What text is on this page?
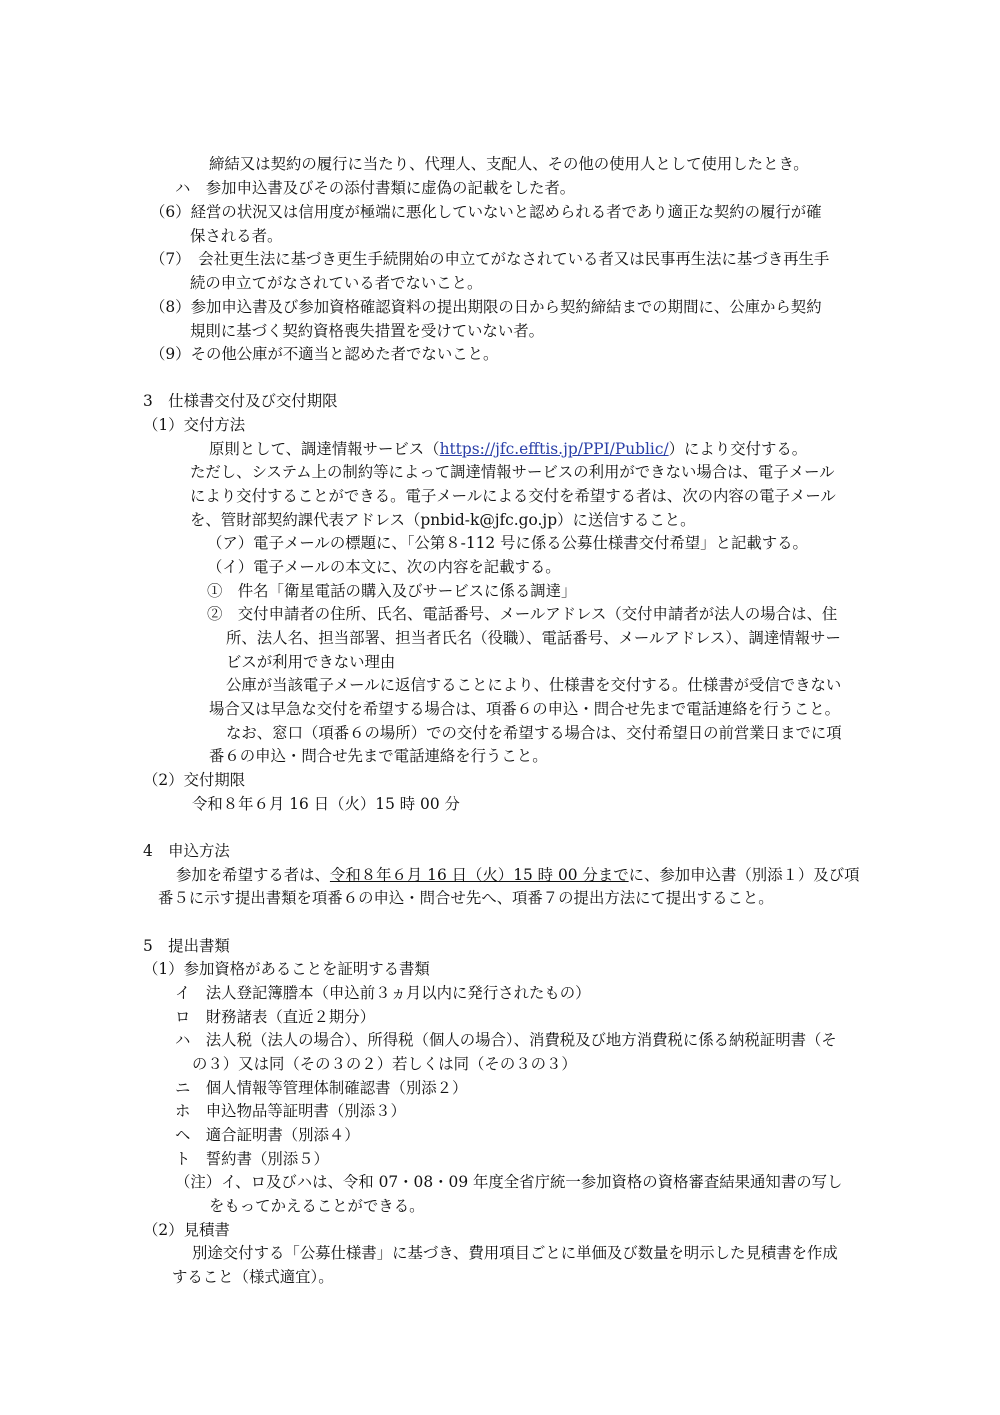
締結又は契約の履行に当たり、代理人、支配人、その他の使用人として使用したとき。
ハ　参加申込書及びその添付書類に虚偽の記載をした者。
（6）経営の状況又は信用度が極端に悪化していないと認められる者であり適正な契約の履行が確
保される者。
（7）　会社更生法に基づき更生手続開始の申立てがなされている者又は民事再生法に基づき再生手
続の申立てがなされている者でないこと。
（8）参加申込書及び参加資格確認資料の提出期限の日から契約締結までの期間に、公庫から契約
規則に基づく契約資格喪失措置を受けていない者。
（9）その他公庫が不適当と認めた者でないこと。
3　仕様書交付及び交付期限
（1）交付方法
原則として、調達情報サービス（https://jfc.efftis.jp/PPI/Public/）により交付する。
ただし、システム上の制約等によって調達情報サービスの利用ができない場合は、電子メール
により交付することができる。電子メールによる交付を希望する者は、次の内容の電子メール
を、管財部契約課代表アドレス（pnbid-k@jfc.go.jp）に送信すること。
（ア）電子メールの標題に、「公第８-112 号に係る公募仕様書交付希望」と記載する。
（イ）電子メールの本文に、次の内容を記載する。
①　件名「衛星電話の購入及びサービスに係る調達」
②　交付申請者の住所、氏名、電話番号、メールアドレス（交付申請者が法人の場合は、住
所、法人名、担当部署、担当者氏名（役職）、電話番号、メールアドレス）、調達情報サー
ビスが利用できない理由
公庫が当該電子メールに返信することにより、仕様書を交付する。仕様書が受信できない
場合又は早急な交付を希望する場合は、項番６の申込・問合せ先まで電話連絡を行うこと。
なお、窓口（項番６の場所）での交付を希望する場合は、交付希望日の前営業日までに項
番６の申込・問合せ先まで電話連絡を行うこと。
（2）交付期限
令和８年６月 16 日（火）15 時 00 分
4　申込方法
参加を希望する者は、令和８年６月 16 日（火）15 時 00 分までに、参加申込書（別添１）及び項
番５に示す提出書類を項番６の申込・問合せ先へ、項番７の提出方法にて提出すること。
5　提出書類
（1）参加資格があることを証明する書類
イ　法人登記簿謄本（申込前３ヵ月以内に発行されたもの）
ロ　財務諸表（直近２期分）
ハ　法人税（法人の場合）、所得税（個人の場合）、消費税及び地方消費税に係る納税証明書（そ
の３）又は同（その３の２）若しくは同（その３の３）
ニ　個人情報等管理体制確認書（別添２）
ホ　申込物品等証明書（別添３）
ヘ　適合証明書（別添４）
ト　誓約書（別添５）
（注）イ、ロ及びハは、令和 07・08・09 年度全省庁統一参加資格の資格審査結果通知書の写し
をもってかえることができる。
（2）見積書
別途交付する「公募仕様書」に基づき、費用項目ごとに単価及び数量を明示した見積書を作成
すること（様式適宜）。
